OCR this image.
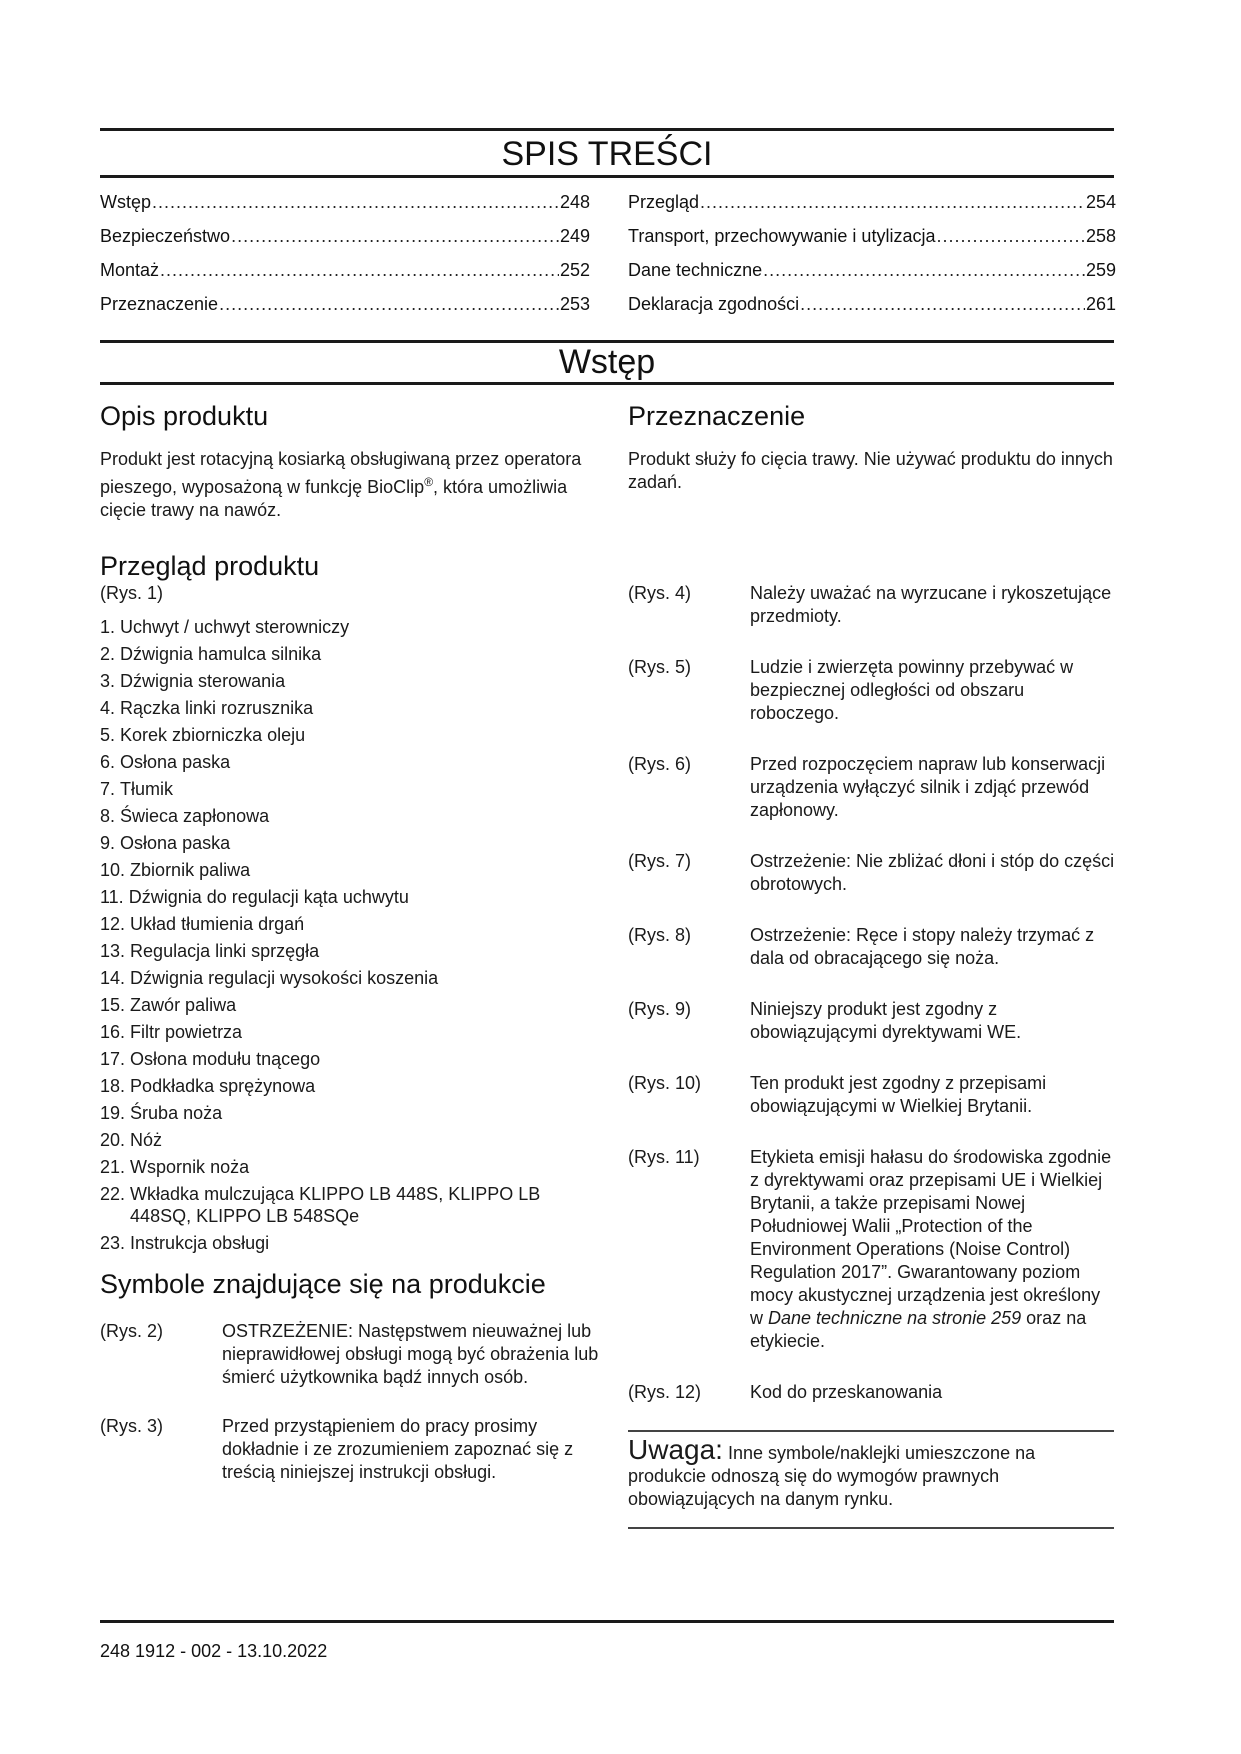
SPIS TREŚCI
Wstęp .....	248
Bezpieczeństwo .....	249
Montaż .....	252
Przeznaczenie .....	253
Przegląd .....	254
Transport, przechowywanie i utylizacja .....	258
Dane techniczne .....	259
Deklaracja zgodności .....	261
Wstęp
Opis produktu

Produkt jest rotacyjną kosiarką obsługiwaną przez operatora pieszego, wyposażoną w funkcję BioClip®, która umożliwia cięcie trawy na nawóz.

Przegląd produktu
(Rys. 1)
1.
Uchwyt / uchwyt sterowniczy
2.
Dźwignia hamulca silnika
3.
Dźwignia sterowania
4.
Rączka linki rozrusznika
5.
Korek zbiorniczka oleju
6.
Osłona paska
7.
Tłumik
8.
Świeca zapłonowa
9.
Osłona paska
10.
Zbiornik paliwa
11.
Dźwignia do regulacji kąta uchwytu
12.
Układ tłumienia drgań
13.
Regulacja linki sprzęgła
14.
Dźwignia regulacji wysokości koszenia
15.
Zawór paliwa
16.
Filtr powietrza
17.
Osłona modułu tnącego
18.
Podkładka sprężynowa
19.
Śruba noża
20.
Nóż
21.
Wspornik noża
22.
Wkładka mulczująca KLIPPO LB 448S, KLIPPO LB 448SQ, KLIPPO LB 548SQe
23.
Instrukcja obsługi
Symbole znajdujące się na produkcie
(Rys. 2)	OSTRZEŻENIE: Następstwem nieuważnej lub nieprawidłowej obsługi mogą być obrażenia lub śmierć użytkownika bądź innych osób.
(Rys. 3)	Przed przystąpieniem do pracy prosimy dokładnie i ze zrozumieniem zapoznać się z treścią niniejszej instrukcji obsługi.
Przeznaczenie

Produkt służy fo cięcia trawy. Nie używać produktu do innych zadań.

(Rys. 4)	Należy uważać na wyrzucane i rykoszetujące przedmioty.
(Rys. 5)	Ludzie i zwierzęta powinny przebywać w bezpiecznej odległości od obszaru roboczego.
(Rys. 6)	Przed rozpoczęciem napraw lub konserwacji urządzenia wyłączyć silnik i zdjąć przewód zapłonowy.
(Rys. 7)	Ostrzeżenie: Nie zbliżać dłoni i stóp do części obrotowych.
(Rys. 8)	Ostrzeżenie: Ręce i stopy należy trzymać z dala od obracającego się noża.
(Rys. 9)	Niniejszy produkt jest zgodny z obowiązującymi dyrektywami WE.
(Rys. 10)	Ten produkt jest zgodny z przepisami obowiązującymi w Wielkiej Brytanii.
(Rys. 11)	Etykieta emisji hałasu do środowiska zgodnie z dyrektywami oraz przepisami UE i Wielkiej Brytanii, a także przepisami Nowej Południowej Walii „Protection of the Environment Operations (Noise Control) Regulation 2017”. Gwarantowany poziom mocy akustycznej urządzenia jest określony w Dane techniczne na stronie 259 oraz na etykiecie.
(Rys. 12)	Kod do przeskanowania

Uwaga: Inne symbole/naklejki umieszczone na produkcie odnoszą się do wymogów prawnych obowiązujących na danym rynku.

248 1912 - 002 - 13.10.2022
